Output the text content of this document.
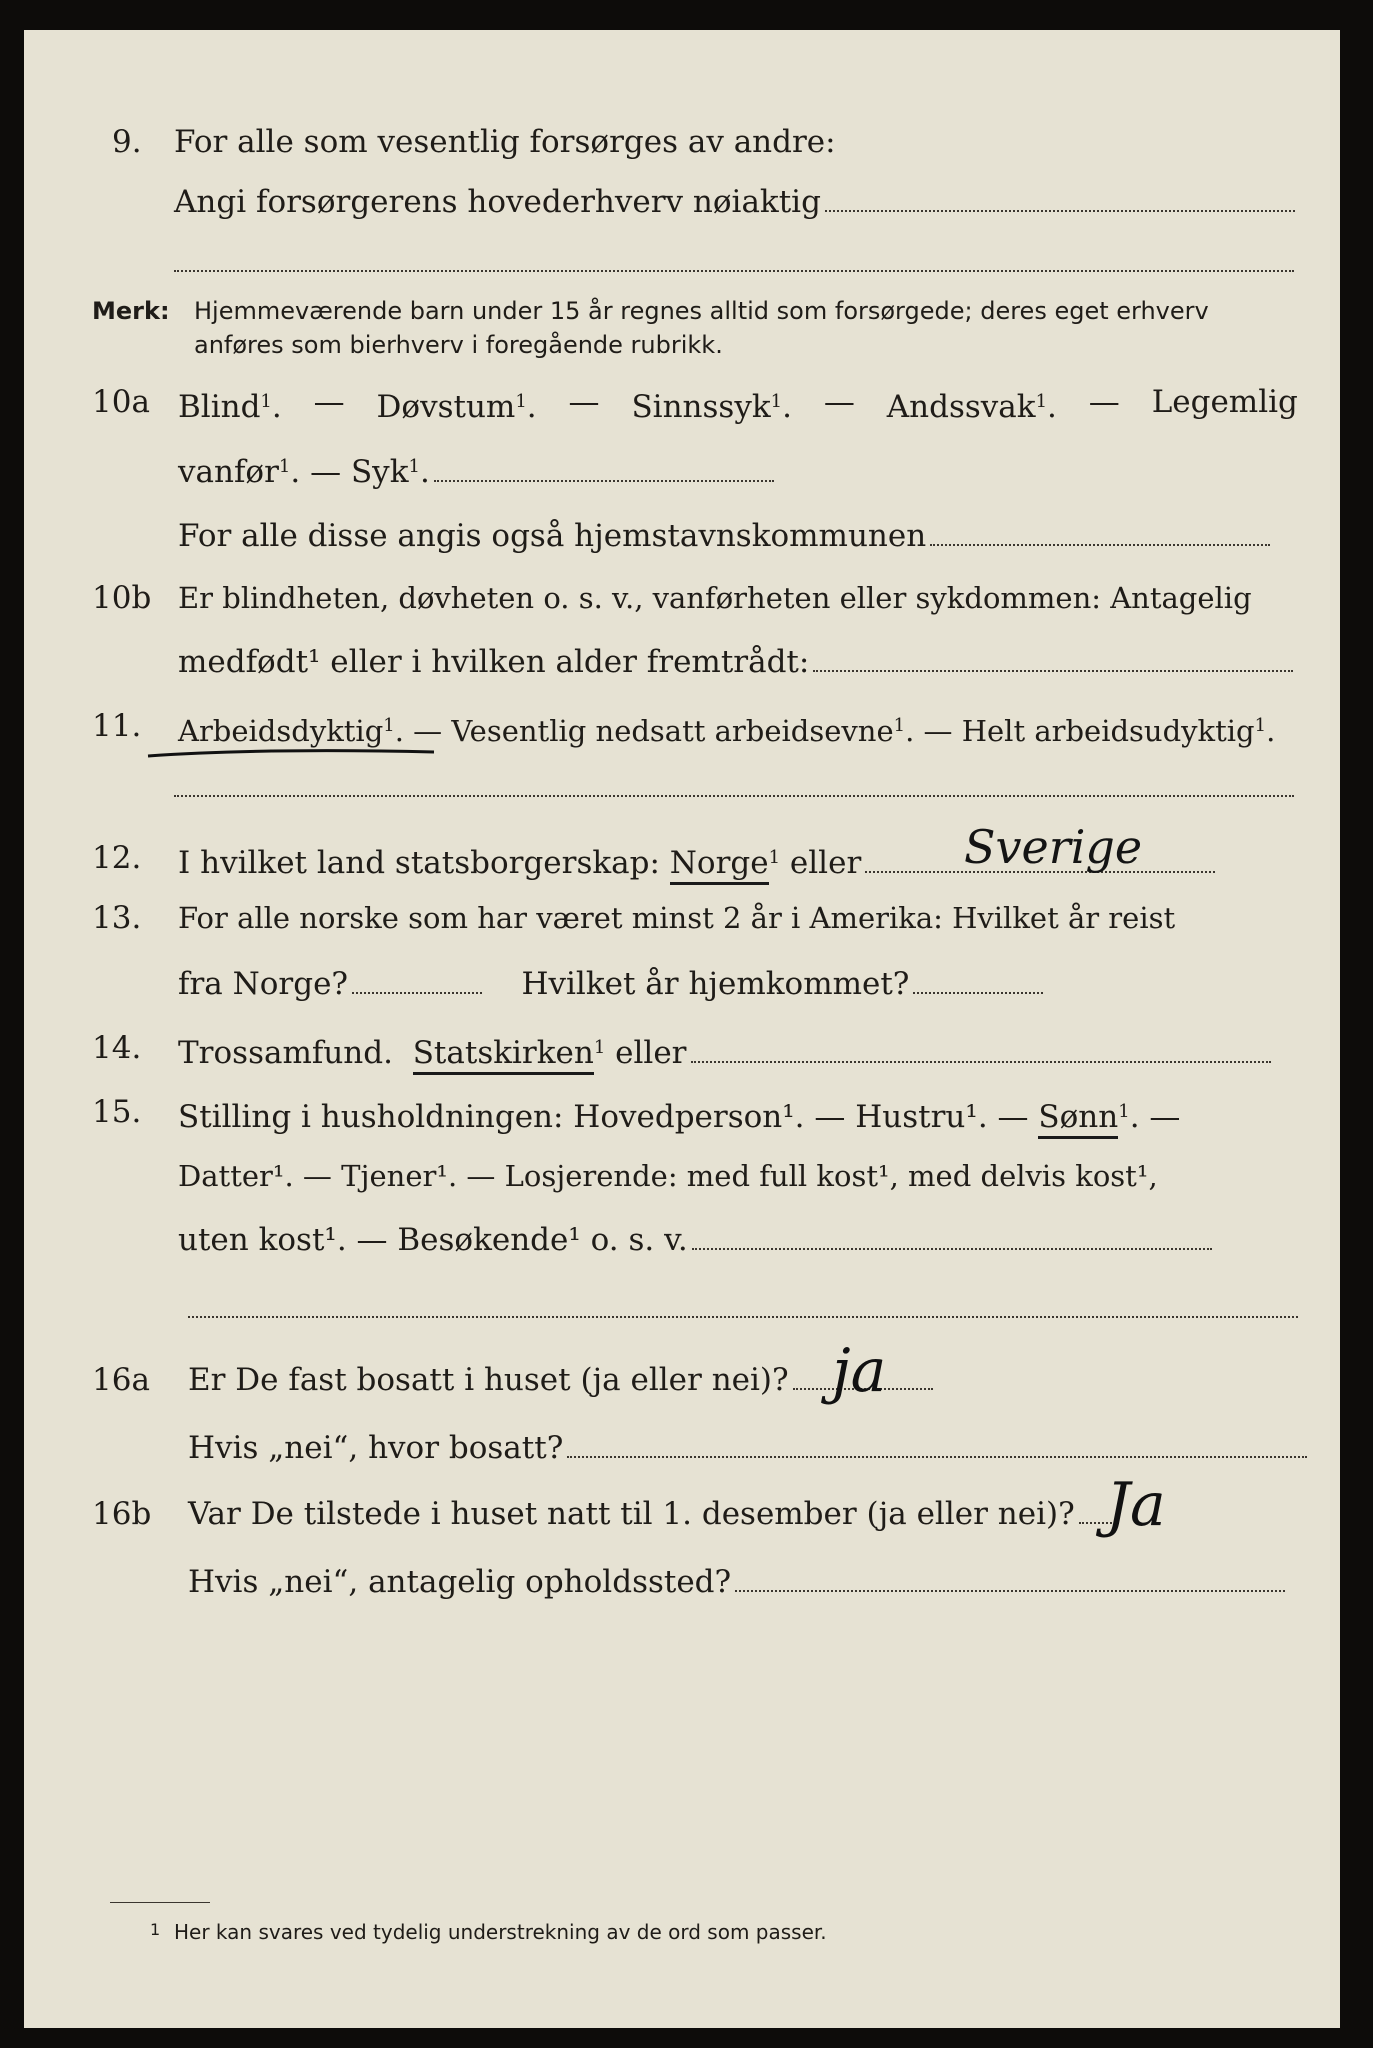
9. For alle som vesentlig forsørges av andre:
Angi forsørgerens hovederhverv nøiaktig
Merk: Hjemmeværende barn under 15 år regnes alltid som forsørgede; deres eget erhverv
anføres som bierhverv i foregående rubrikk.
10a Blind$^1$. — Døvstum$^1$. — Sinnssyk$^1$. — Andssvak$^1$. — Legemlig
vanfør$^1$. — Syk$^1$.
For alle disse angis også hjemstavnskommunen
10b Er blindheten, døvheten o. s. v., vanførheten eller sykdommen: Antagelig
medfødt¹ eller i hvilken alder fremtrådt:
11. Arbeidsdyktig$^1$. — Vesentlig nedsatt arbeidsevne$^1$. — Helt arbeidsudyktig$^1$.
12. I hvilket land statsborgerskap: Norge$^1$ eller	Sverige
13. For alle norske som har været minst 2 år i Amerika: Hvilket år reist
fra Norge?	Hvilket år hjemkommet?
14. Trossamfund. Statskirken$^1$ eller
15. Stilling i husholdningen: Hovedperson¹. — Hustru¹. — Sønn$^1$. —
Datter¹. — Tjener¹. — Losjerende: med full kost¹, med delvis kost¹,
uten kost¹. — Besøkende¹ o. s. v.
16a Er De fast bosatt i huset (ja eller nei)? ja
Hvis „nei“, hvor bosatt?
16b Var De tilstede i huset natt til 1. desember (ja eller nei)? Ja
Hvis „nei“, antagelig opholdssted?
1 Her kan svares ved tydelig understrekning av de ord som passer.
